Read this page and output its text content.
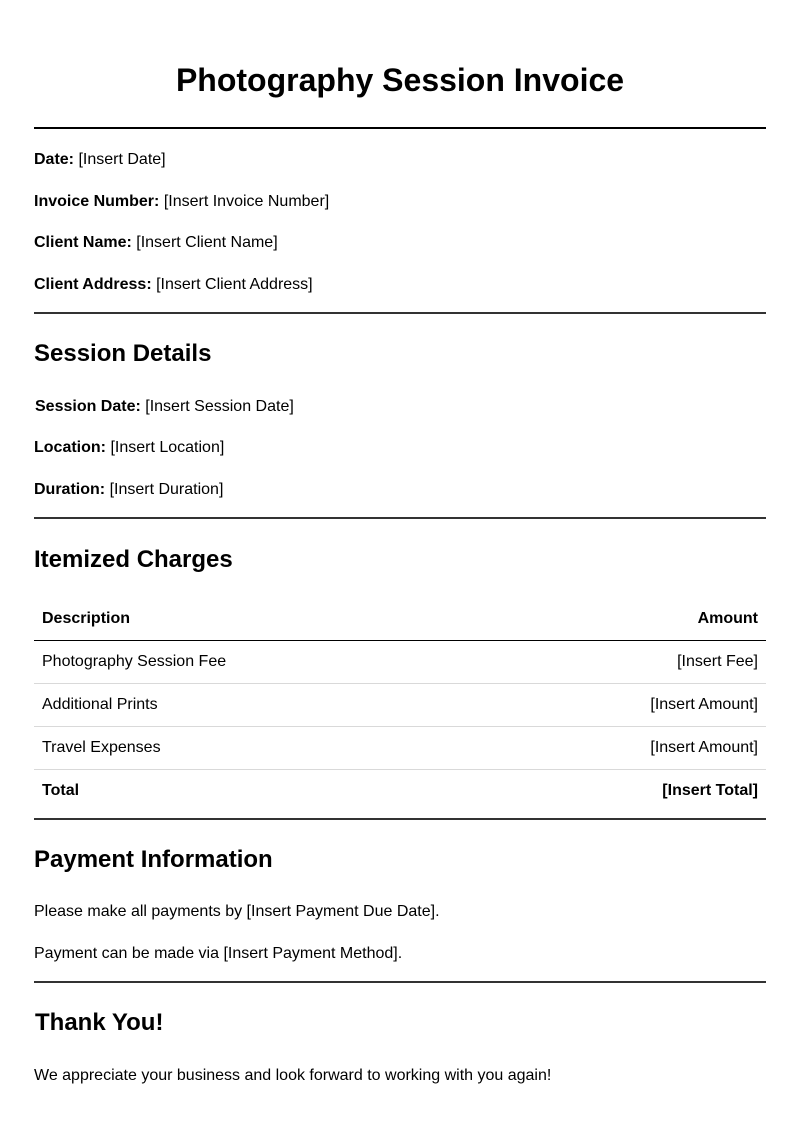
Photography Session Invoice
Date: [Insert Date]
Invoice Number: [Insert Invoice Number]
Client Name: [Insert Client Name]
Client Address: [Insert Client Address]
Session Details
Session Date: [Insert Session Date]
Location: [Insert Location]
Duration: [Insert Duration]
Itemized Charges
Description	Amount
Photography Session Fee	[Insert Fee]
Additional Prints	[Insert Amount]
Travel Expenses	[Insert Amount]
Total	[Insert Total]
Payment Information
Please make all payments by [Insert Payment Due Date].
Payment can be made via [Insert Payment Method].
Thank You!
We appreciate your business and look forward to working with you again!
